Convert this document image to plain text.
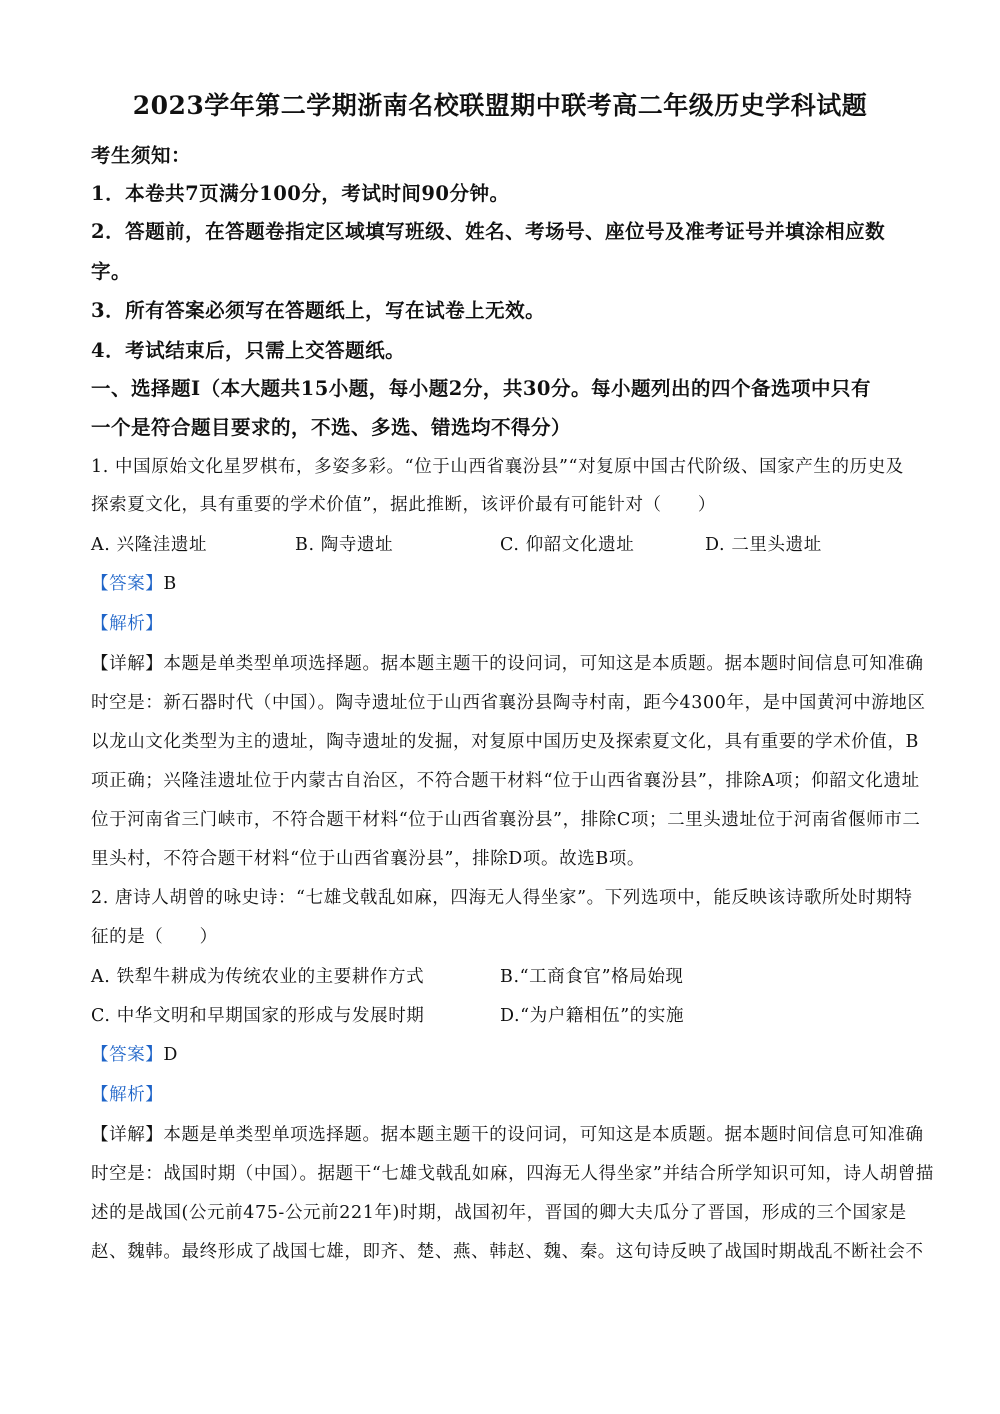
2023学年第二学期浙南名校联盟期中联考高二年级历史学科试题
考生须知：
1．本卷共7页满分100分，考试时间90分钟。
2．答题前，在答题卷指定区域填写班级、姓名、考场号、座位号及准考证号并填涂相应数
字。
3．所有答案必须写在答题纸上，写在试卷上无效。
4．考试结束后，只需上交答题纸。
一、选择题Ⅰ（本大题共15小题，每小题2分，共30分。每小题列出的四个备选项中只有
一个是符合题目要求的，不选、多选、错选均不得分）
1. 中国原始文化星罗棋布，多姿多彩。“位于山西省襄汾县”“对复原中国古代阶级、国家产生的历史及
探索夏文化，具有重要的学术价值”，据此推断，该评价最有可能针对（　　）
A. 兴隆洼遗址	B. 陶寺遗址	C. 仰韶文化遗址	D. 二里头遗址
【答案】B
【解析】
【详解】本题是单类型单项选择题。据本题主题干的设问词，可知这是本质题。据本题时间信息可知准确
时空是：新石器时代（中国）。陶寺遗址位于山西省襄汾县陶寺村南，距今4300年，是中国黄河中游地区
以龙山文化类型为主的遗址，陶寺遗址的发掘，对复原中国历史及探索夏文化，具有重要的学术价值，B
项正确；兴隆洼遗址位于内蒙古自治区，不符合题干材料“位于山西省襄汾县”，排除A项；仰韶文化遗址
位于河南省三门峡市，不符合题干材料“位于山西省襄汾县”，排除C项；二里头遗址位于河南省偃师市二
里头村，不符合题干材料“位于山西省襄汾县”，排除D项。故选B项。
2. 唐诗人胡曾的咏史诗：“七雄戈戟乱如麻，四海无人得坐家”。下列选项中，能反映该诗歌所处时期特
征的是（　　）
A. 铁犁牛耕成为传统农业的主要耕作方式	B.“工商食官”格局始现
C. 中华文明和早期国家的形成与发展时期	D.“为户籍相伍”的实施
【答案】D
【解析】
【详解】本题是单类型单项选择题。据本题主题干的设问词，可知这是本质题。据本题时间信息可知准确
时空是：战国时期（中国）。据题干“七雄戈戟乱如麻，四海无人得坐家”并结合所学知识可知，诗人胡曾描
述的是战国(公元前475-公元前221年)时期，战国初年，晋国的卿大夫瓜分了晋国，形成的三个国家是
赵、魏韩。最终形成了战国七雄，即齐、楚、燕、韩赵、魏、秦。这句诗反映了战国时期战乱不断社会不
